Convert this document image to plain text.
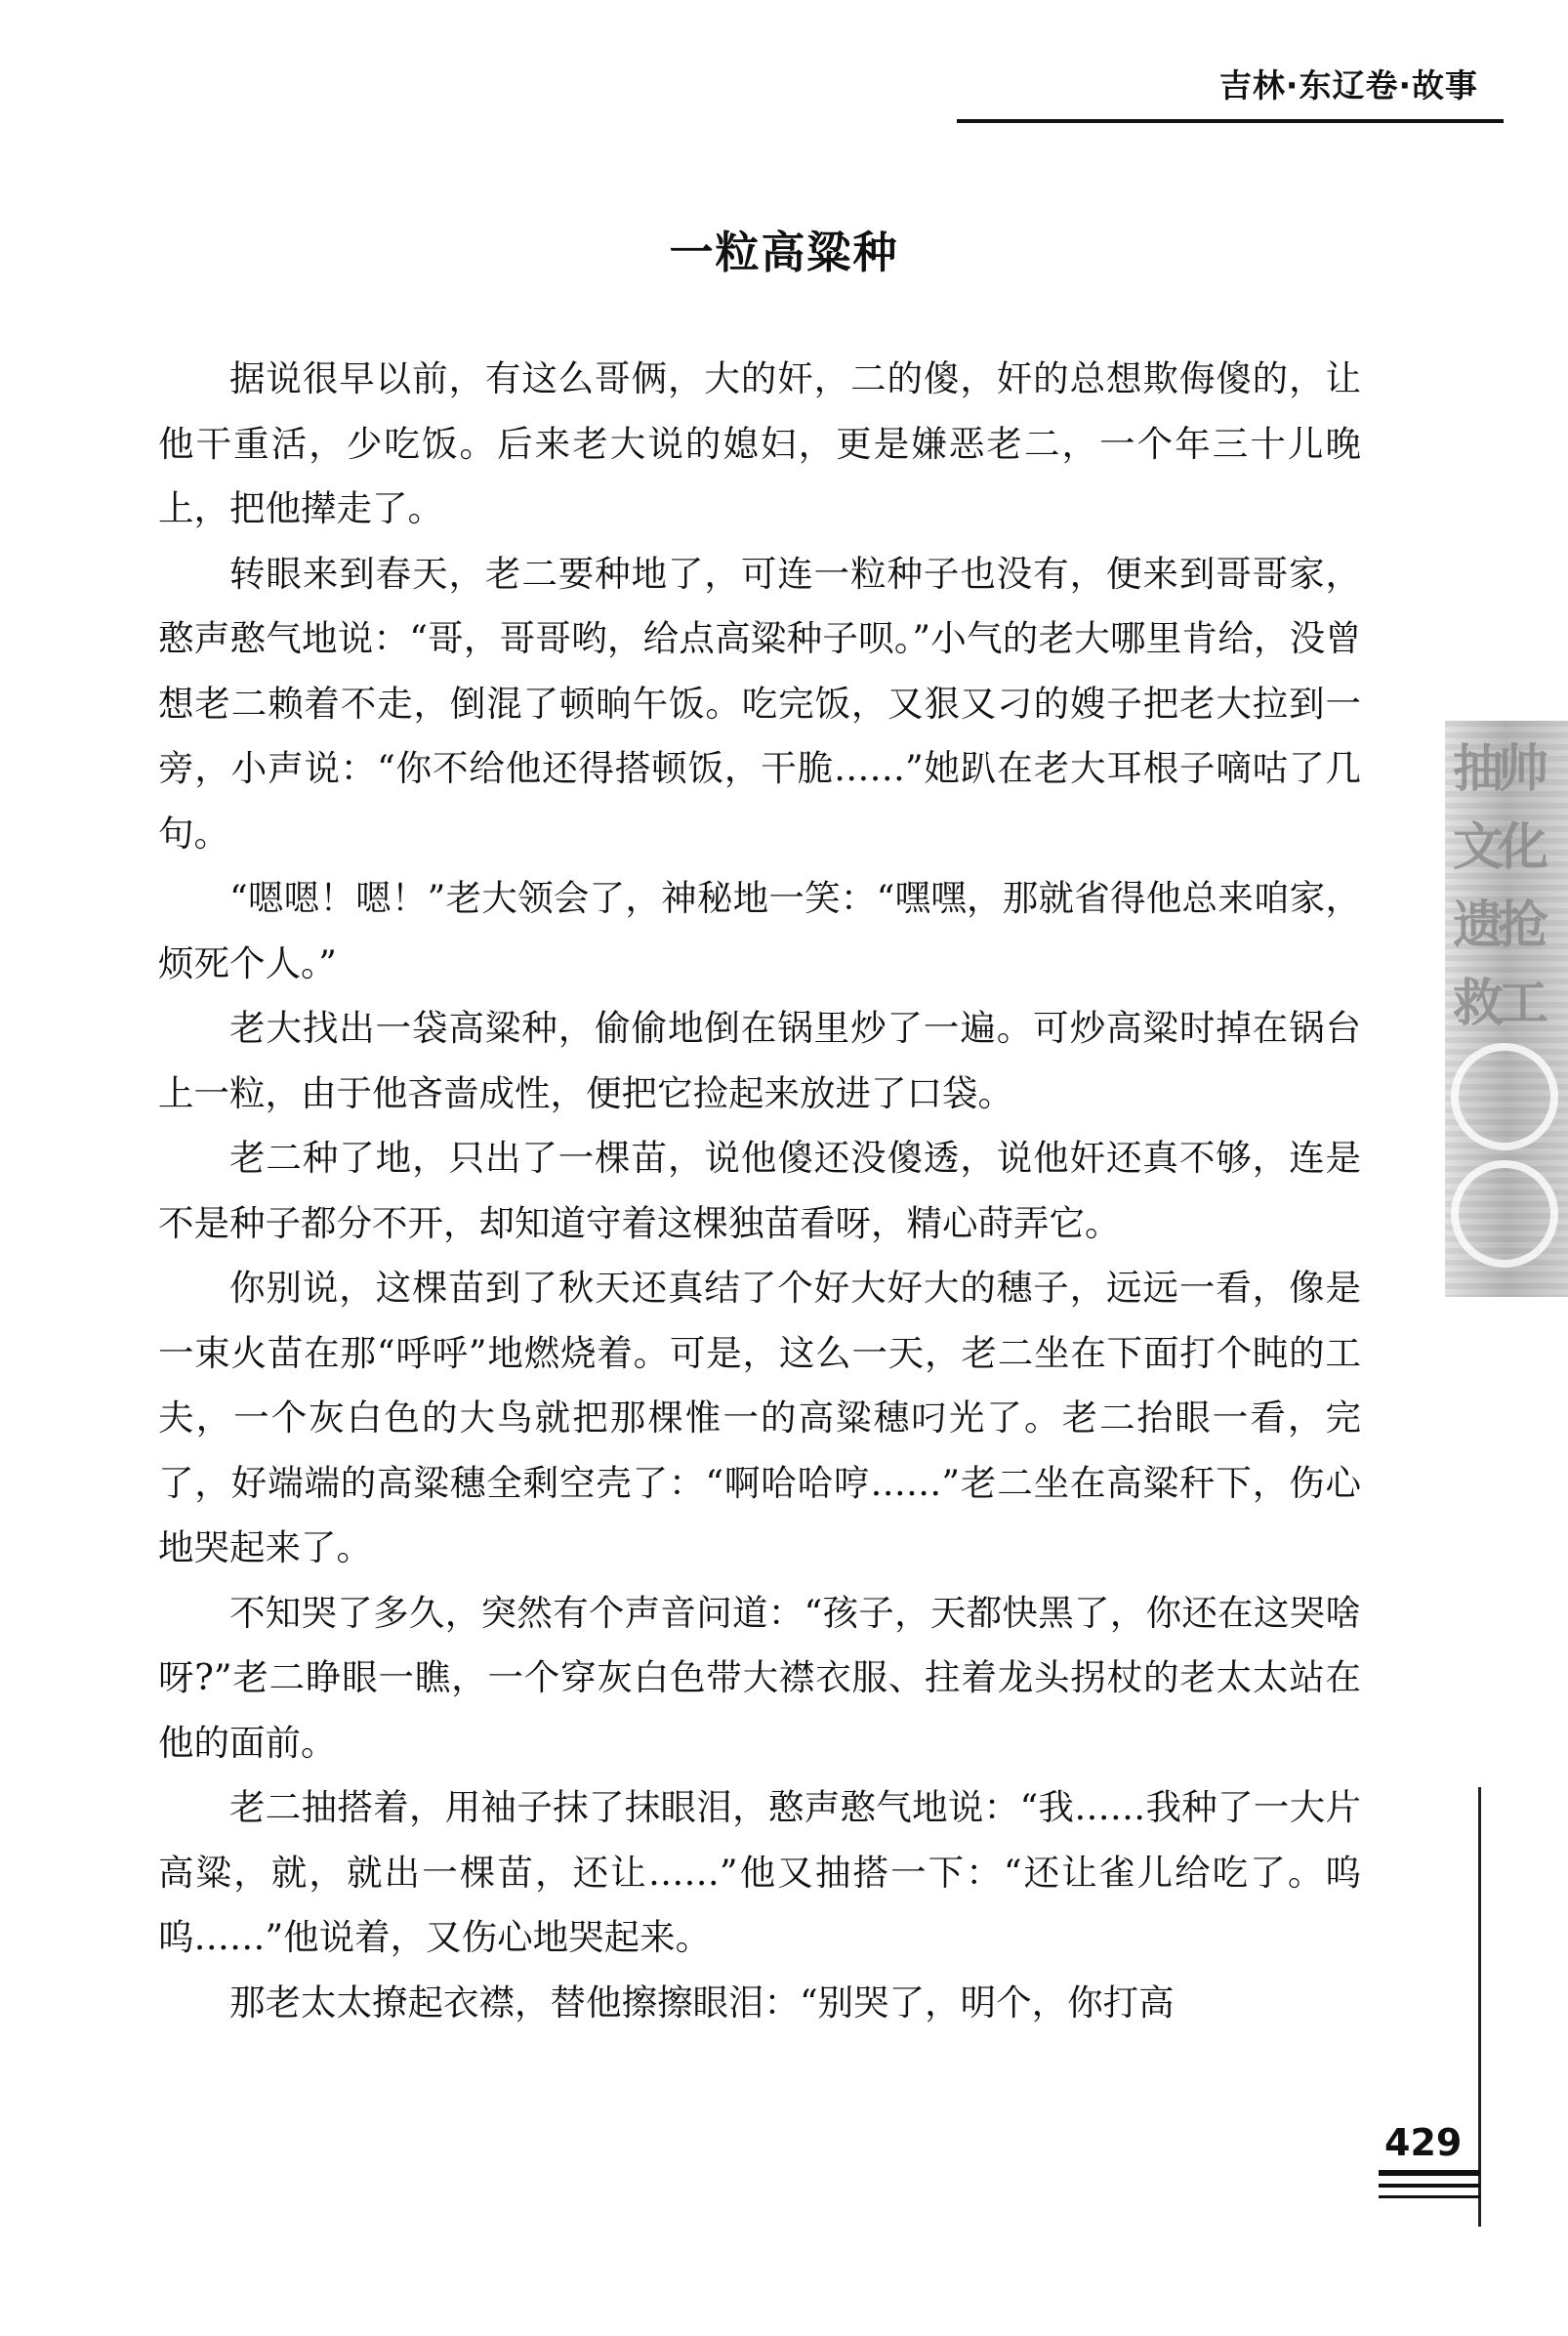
吉林·东辽卷·故事
一粒高粱种

据说很早以前，有这么哥俩，大的奸，二的傻，奸的总想欺侮傻的，让他干重活，少吃饭。后来老大说的媳妇，更是嫌恶老二，一个年三十儿晚上，把他撵走了。

转眼来到春天，老二要种地了，可连一粒种子也没有，便来到哥哥家，憨声憨气地说：“哥，哥哥哟，给点高粱种子呗。”小气的老大哪里肯给，没曾想老二赖着不走，倒混了顿晌午饭。吃完饭，又狠又刁的嫂子把老大拉到一旁，小声说：“你不给他还得搭顿饭，干脆……”她趴在老大耳根子嘀咕了几句。

“嗯嗯！嗯！”老大领会了，神秘地一笑：“嘿嘿，那就省得他总来咱家，烦死个人。”

老大找出一袋高粱种，偷偷地倒在锅里炒了一遍。可炒高粱时掉在锅台上一粒，由于他吝啬成性，便把它捡起来放进了口袋。

老二种了地，只出了一棵苗，说他傻还没傻透，说他奸还真不够，连是不是种子都分不开，却知道守着这棵独苗看呀，精心莳弄它。

你别说，这棵苗到了秋天还真结了个好大好大的穗子，远远一看，像是一束火苗在那“呼呼”地燃烧着。可是，这么一天，老二坐在下面打个盹的工夫，一个灰白色的大鸟就把那棵惟一的高粱穗叼光了。老二抬眼一看，完了，好端端的高粱穗全剩空壳了：“啊哈哈哼……”老二坐在高粱秆下，伤心地哭起来了。

不知哭了多久，突然有个声音问道：“孩子，天都快黑了，你还在这哭啥呀?”老二睁眼一瞧，一个穿灰白色带大襟衣服、拄着龙头拐杖的老太太站在他的面前。

老二抽搭着，用袖子抹了抹眼泪，憨声憨气地说：“我……我种了一大片高粱，就，就出一棵苗，还让……”他又抽搭一下：“还让雀儿给吃了。呜呜……”他说着，又伤心地哭起来。

那老太太撩起衣襟，替他擦擦眼泪：“别哭了，明个，你打高

抽帅文化遗抢救工
429
